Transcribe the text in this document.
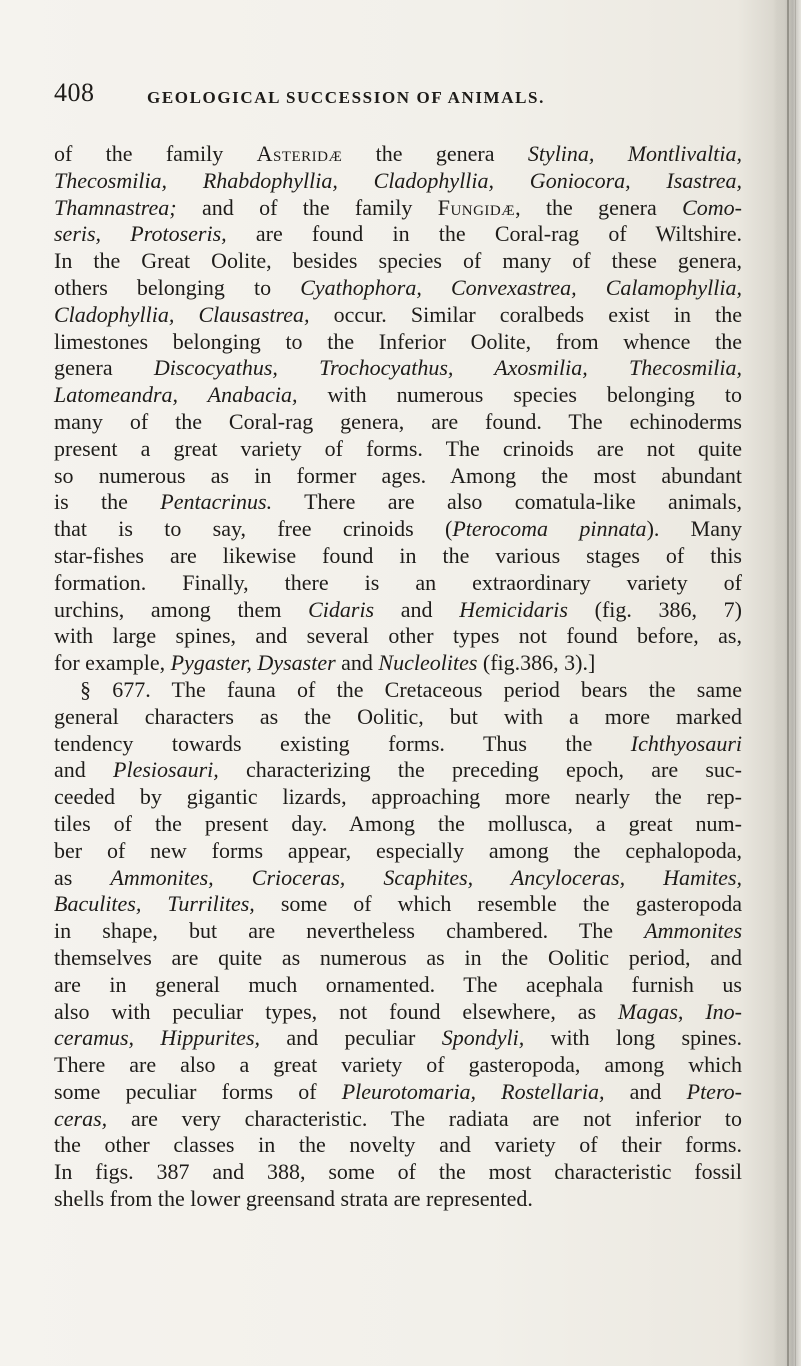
408	GEOLOGICAL SUCCESSION OF ANIMALS.
of the family Asteridæ the genera Stylina, Montlivaltia,
Thecosmilia, Rhabdophyllia, Cladophyllia, Goniocora, Isastrea,
Thamnastrea; and of the family Fungidæ, the genera Como-
seris, Protoseris, are found in the Coral-rag of Wiltshire.
In the Great Oolite, besides species of many of these genera,
others belonging to Cyathophora, Convexastrea, Calamophyllia,
Cladophyllia, Clausastrea, occur. Similar coralbeds exist in the
limestones belonging to the Inferior Oolite, from whence the
genera Discocyathus, Trochocyathus, Axosmilia, Thecosmilia,
Latomeandra, Anabacia, with numerous species belonging to
many of the Coral-rag genera, are found. The echinoderms
present a great variety of forms. The crinoids are not quite
so numerous as in former ages. Among the most abundant
is the Pentacrinus. There are also comatula-like animals,
that is to say, free crinoids (Pterocoma pinnata). Many
star-fishes are likewise found in the various stages of this
formation. Finally, there is an extraordinary variety of
urchins, among them Cidaris and Hemicidaris (fig. 386, 7)
with large spines, and several other types not found before, as,
for example, Pygaster, Dysaster and Nucleolites (fig.386, 3).]
§ 677. The fauna of the Cretaceous period bears the same
general characters as the Oolitic, but with a more marked
tendency towards existing forms. Thus the Ichthyosauri
and Plesiosauri, characterizing the preceding epoch, are suc-
ceeded by gigantic lizards, approaching more nearly the rep-
tiles of the present day. Among the mollusca, a great num-
ber of new forms appear, especially among the cephalopoda,
as Ammonites, Crioceras, Scaphites, Ancyloceras, Hamites,
Baculites, Turrilites, some of which resemble the gasteropoda
in shape, but are nevertheless chambered. The Ammonites
themselves are quite as numerous as in the Oolitic period, and
are in general much ornamented. The acephala furnish us
also with peculiar types, not found elsewhere, as Magas, Ino-
ceramus, Hippurites, and peculiar Spondyli, with long spines.
There are also a great variety of gasteropoda, among which
some peculiar forms of Pleurotomaria, Rostellaria, and Ptero-
ceras, are very characteristic. The radiata are not inferior to
the other classes in the novelty and variety of their forms.
In figs. 387 and 388, some of the most characteristic fossil
shells from the lower greensand strata are represented.
